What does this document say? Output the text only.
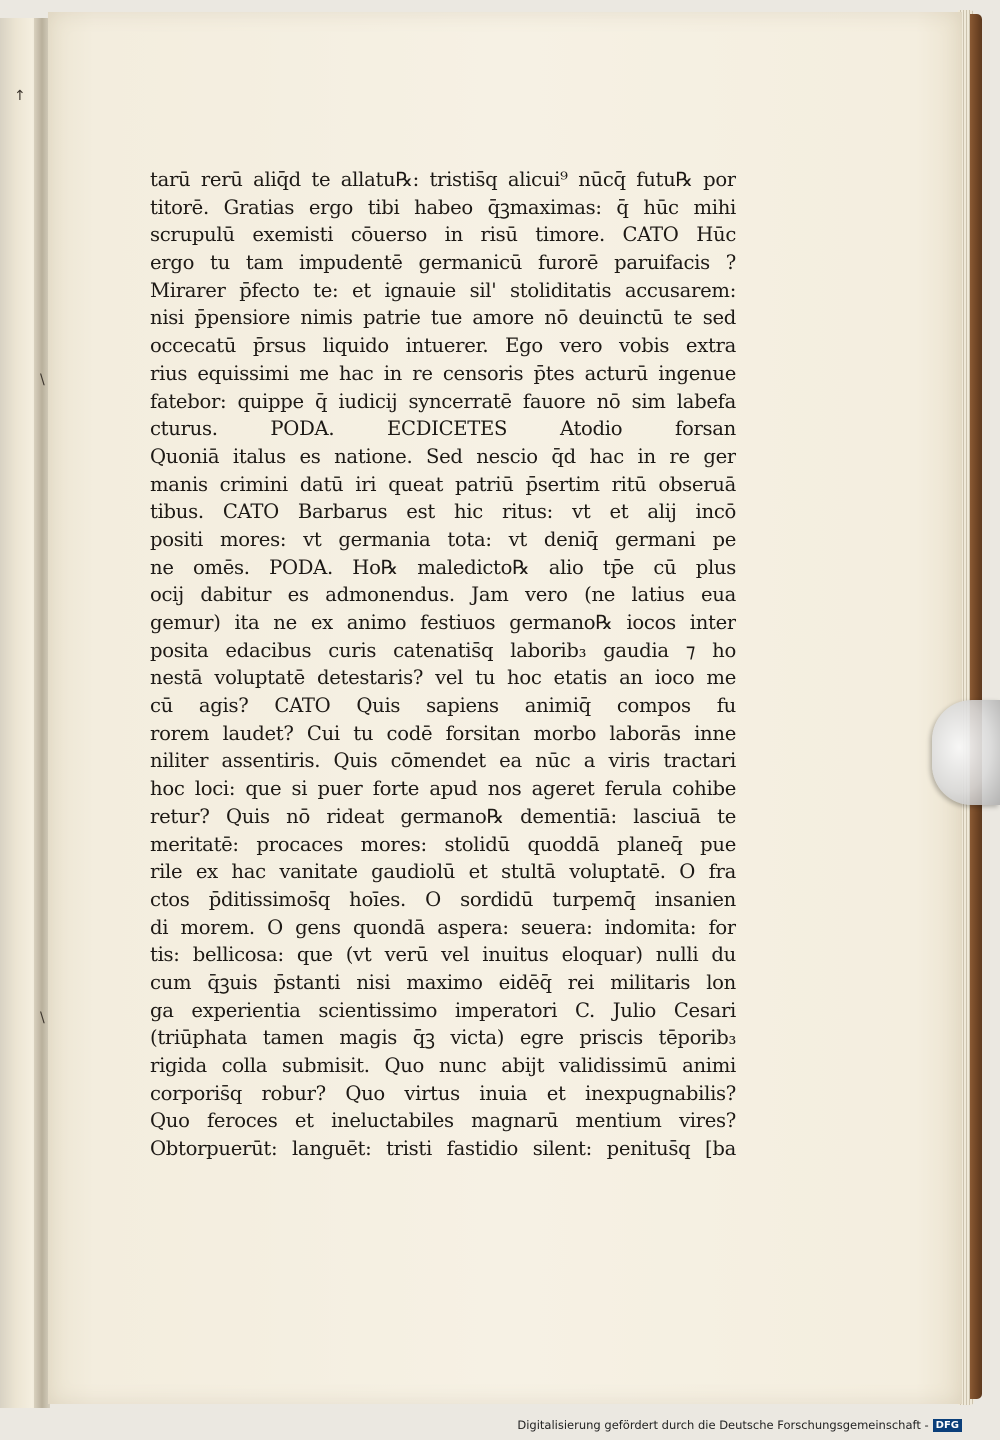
↑
\
\
tarū rerū aliq̄d te allatu℞: tristis̄q alicui⁹ nūcq̄ futu℞ por
titorē. Gratias ergo tibi habeo q̄ꝫmaximas: q̄ hūc mihi
scrupulū exemisti cōuerso in risū timore. CATO Hūc
ergo tu tam impudentē germanicū furorē paruifacis ?
Mirarer p̄fecto te: et ignauie sil' stoliditatis accusarem:
nisi p̄pensiore nimis patrie tue amore nō deuinctū te sed
occecatū p̄rsus liquido intuerer. Ego vero vobis extra
rius equissimi me hac in re censoris p̄tes acturū ingenue
fatebor: quippe q̄ iudicij syncerratē fauore nō sim labefa
cturus. PODA. ECDICETES Atodio forsan
Quoniā italus es natione. Sed nescio q̄d hac in re ger
manis crimini datū iri queat patriū p̄sertim ritū obseruā
tibus. CATO Barbarus est hic ritus: vt et alij incō
positi mores: vt germania tota: vt deniq̄ germani pe
ne omēs. PODA. Ho℞ maledicto℞ alio tp̄e cū plus
ocij dabitur es admonendus. Jam vero (ne latius eua
gemur) ita ne ex animo festiuos germano℞ iocos inter
posita edacibus curis catenatis̄q laborib₃ gaudia ⁊ ho
nestā voluptatē detestaris? vel tu hoc etatis an ioco me
cū agis? CATO Quis sapiens animiq̄ compos fu
rorem laudet? Cui tu codē forsitan morbo laborās inne
niliter assentiris. Quis cōmendet ea nūc a viris tractari
hoc loci: que si puer forte apud nos ageret ferula cohibe
retur? Quis nō rideat germano℞ dementiā: lasciuā te
meritatē: procaces mores: stolidū quoddā planeq̄ pue
rile ex hac vanitate gaudiolū et stultā voluptatē. O fra
ctos p̄ditissimos̄q hoīes. O sordidū turpemq̄ insanien
di morem. O gens quondā aspera: seuera: indomita: for
tis: bellicosa: que (vt verū vel inuitus eloquar) nulli du
cum q̄ꝫuis p̄stanti nisi maximo eidēq̄ rei militaris lon
ga experientia scientissimo imperatori C. Julio Cesari
(triūphata tamen magis q̄ꝫ victa) egre priscis tēporib₃
rigida colla submisit. Quo nunc abijt validissimū animi
corporis̄q robur? Quo virtus inuia et inexpugnabilis?
Quo feroces et ineluctabiles magnarū mentium vires?
Obtorpuerūt: languēt: tristi fastidio silent: penitus̄q [ba
Digitalisierung gefördert durch die Deutsche Forschungsgemeinschaft - DFG
